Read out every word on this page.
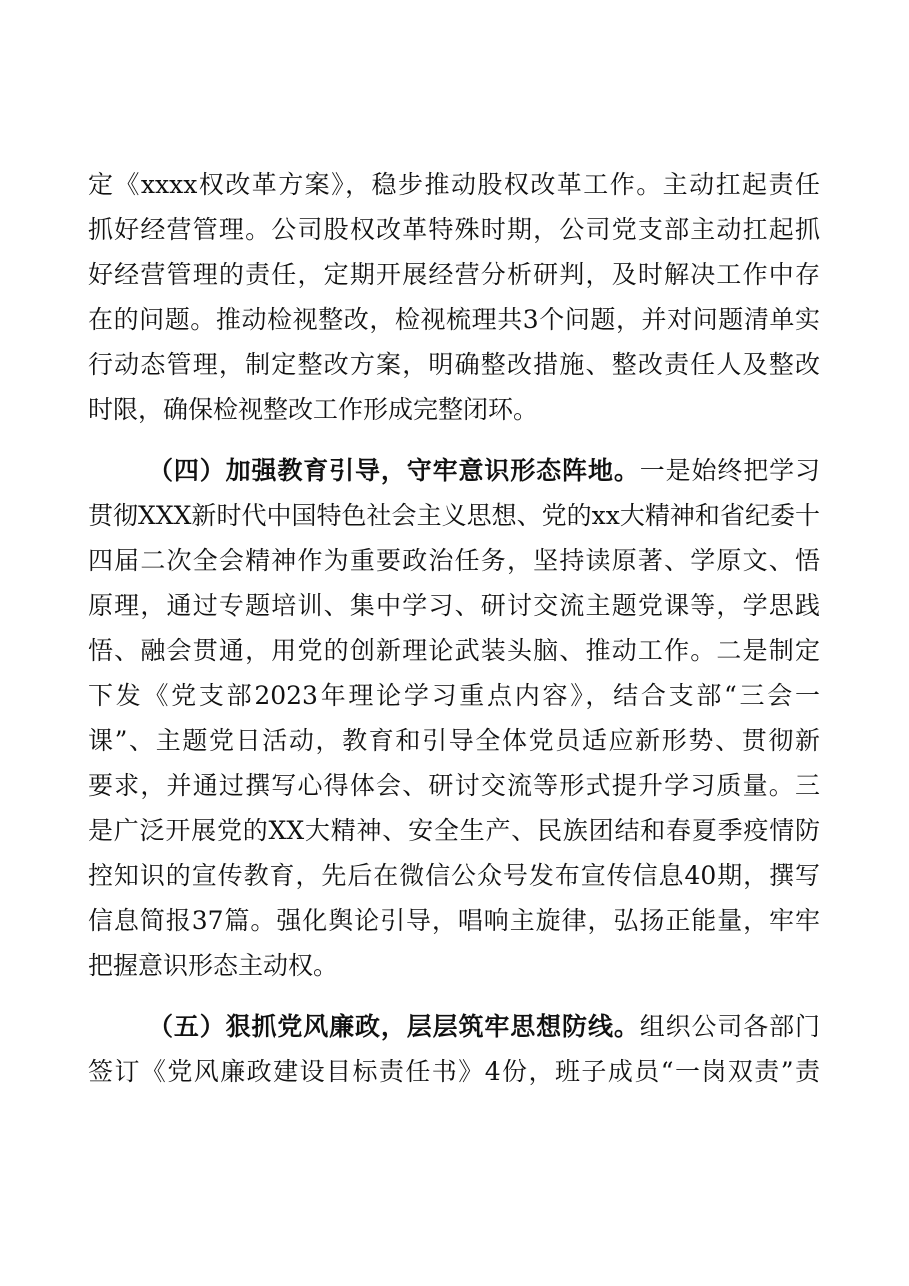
定《xxxx权改革方案》，稳步推动股权改革工作。主动扛起责任
抓好经营管理。公司股权改革特殊时期，公司党支部主动扛起抓
好经营管理的责任，定期开展经营分析研判，及时解决工作中存
在的问题。推动检视整改，检视梳理共3个问题，并对问题清单实
行动态管理，制定整改方案，明确整改措施、整改责任人及整改
时限，确保检视整改工作形成完整闭环。
（四）加强教育引导，守牢意识形态阵地。一是始终把学习
贯彻XXX新时代中国特色社会主义思想、党的xx大精神和省纪委十
四届二次全会精神作为重要政治任务，坚持读原著、学原文、悟
原理，通过专题培训、集中学习、研讨交流主题党课等，学思践
悟、融会贯通，用党的创新理论武装头脑、推动工作。二是制定
下发《党支部2023年理论学习重点内容》，结合支部“三会一
课”、主题党日活动，教育和引导全体党员适应新形势、贯彻新
要求，并通过撰写心得体会、研讨交流等形式提升学习质量。三
是广泛开展党的XX大精神、安全生产、民族团结和春夏季疫情防
控知识的宣传教育，先后在微信公众号发布宣传信息40期，撰写
信息简报37篇。强化舆论引导，唱响主旋律，弘扬正能量，牢牢
把握意识形态主动权。
（五）狠抓党风廉政，层层筑牢思想防线。组织公司各部门
签订《党风廉政建设目标责任书》4份，班子成员“一岗双责”责
